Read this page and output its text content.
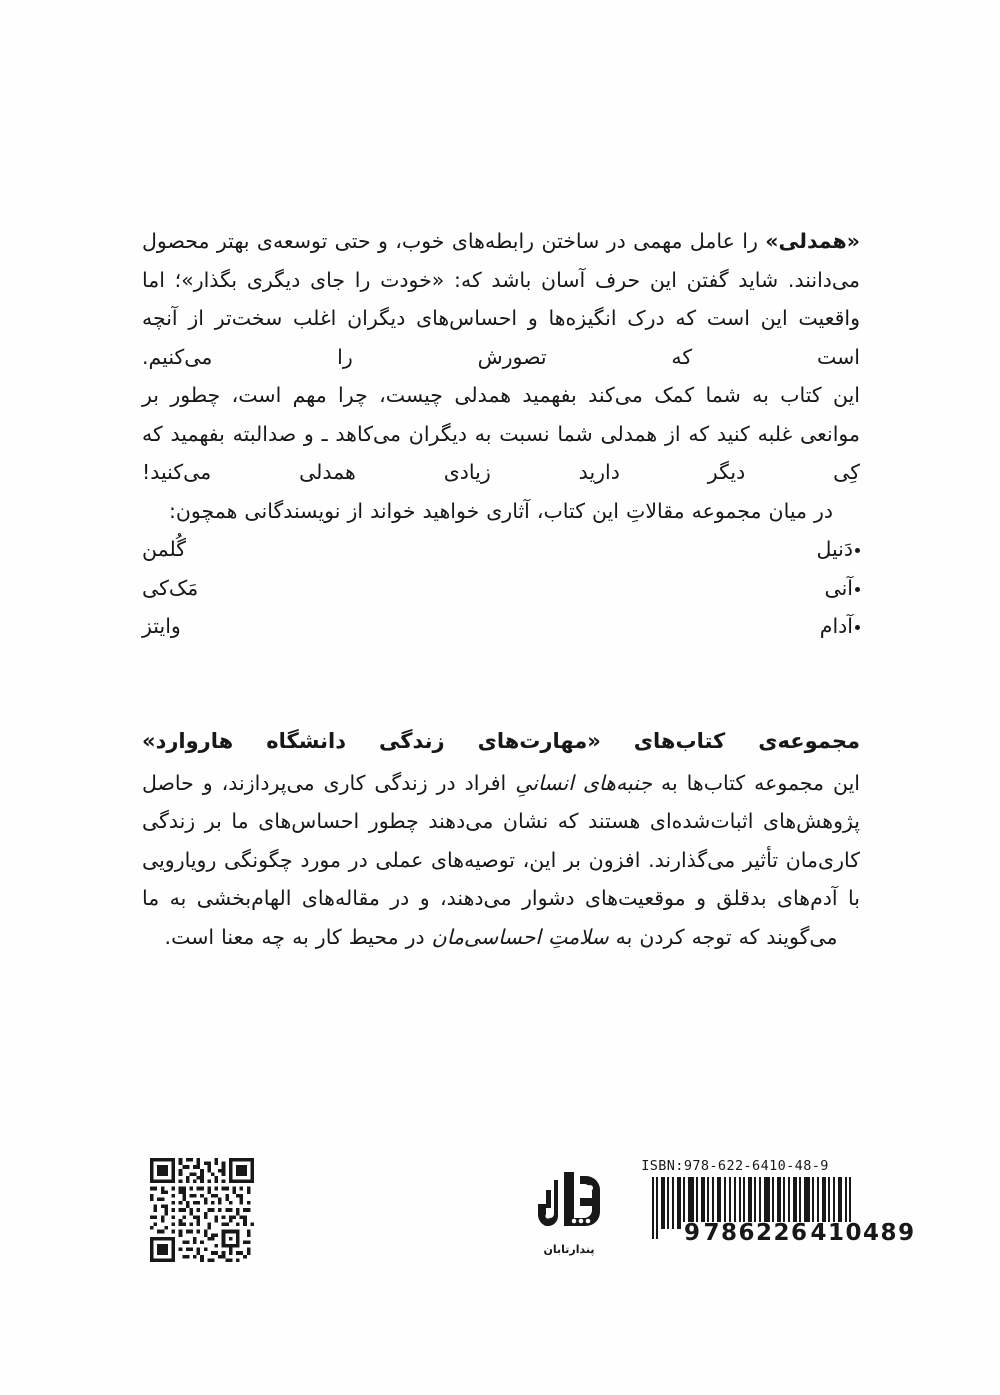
«همدلی» را عامل مهمی در ساختن رابطه‌های خوب، و حتی توسعه‌ی بهتر محصول می‌دانند. شاید گفتن این حرف آسان باشد که: «خودت را جای دیگری بگذار»؛ اما واقعیت این است که درک انگیزه‌ها و احساس‌های دیگران اغلب سخت‌تر از آنچه است که تصورش را می‌کنیم.

این کتاب به شما کمک می‌کند بفهمید همدلی چیست، چرا مهم است، چطور بر موانعی غلبه کنید که از همدلی شما نسبت به دیگران می‌کاهد ـ و صدالبته بفهمید که کِی دیگر دارید زیادی همدلی می‌کنید!

در میان مجموعه مقالاتِ این کتاب، آثاری خواهید خواند از نویسندگانی همچون:

دَنیل گُلمن
آنی مَک‌کی
آدام وایتز
مجموعه‌ی کتاب‌های «مهارت‌های زندگی دانشگاه هاروارد»

این مجموعه کتاب‌ها به جنبه‌های انسانیِ افراد در زندگی کاری می‌پردازند، و حاصل پژوهش‌های اثبات‌شده‌ای هستند که نشان می‌دهند چطور احساس‌های ما بر زندگی کاری‌مان تأثیر می‌گذارند. افزون بر این، توصیه‌های عملی در مورد چگونگی رویارویی با آدم‌های بدقلق و موقعیت‌های دشوار می‌دهند، و در مقاله‌های الهام‌بخشی به ما می‌گویند که توجه کردن به سلامتِ احساسی‌مان در محیط کار به چه معنا است.

ISBN:978-622-6410-48-9
9 786226 410489
پندارتابان
